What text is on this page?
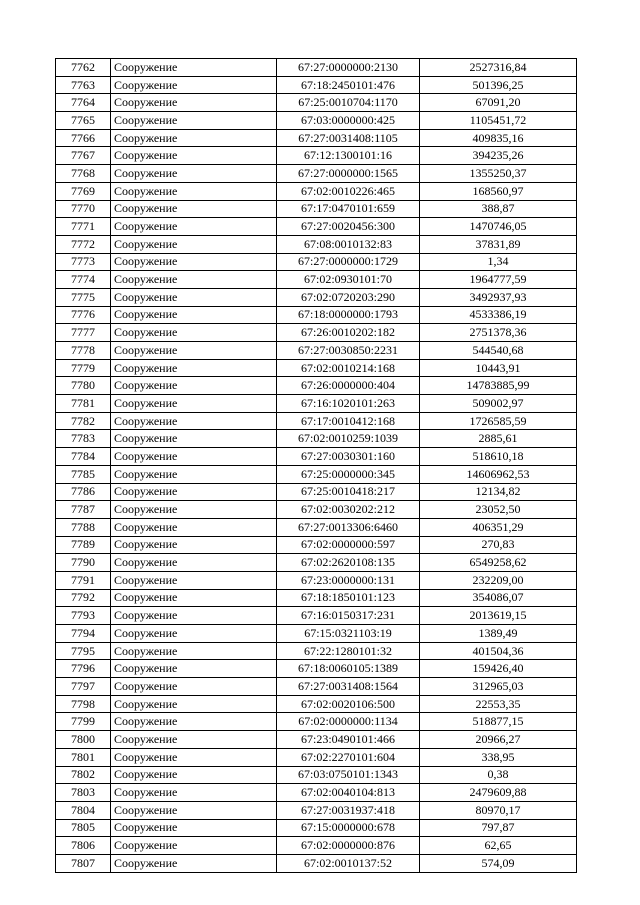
7762	Сооружение	67:27:0000000:2130	2527316,84
7763	Сооружение	67:18:2450101:476	501396,25
7764	Сооружение	67:25:0010704:1170	67091,20
7765	Сооружение	67:03:0000000:425	1105451,72
7766	Сооружение	67:27:0031408:1105	409835,16
7767	Сооружение	67:12:1300101:16	394235,26
7768	Сооружение	67:27:0000000:1565	1355250,37
7769	Сооружение	67:02:0010226:465	168560,97
7770	Сооружение	67:17:0470101:659	388,87
7771	Сооружение	67:27:0020456:300	1470746,05
7772	Сооружение	67:08:0010132:83	37831,89
7773	Сооружение	67:27:0000000:1729	1,34
7774	Сооружение	67:02:0930101:70	1964777,59
7775	Сооружение	67:02:0720203:290	3492937,93
7776	Сооружение	67:18:0000000:1793	4533386,19
7777	Сооружение	67:26:0010202:182	2751378,36
7778	Сооружение	67:27:0030850:2231	544540,68
7779	Сооружение	67:02:0010214:168	10443,91
7780	Сооружение	67:26:0000000:404	14783885,99
7781	Сооружение	67:16:1020101:263	509002,97
7782	Сооружение	67:17:0010412:168	1726585,59
7783	Сооружение	67:02:0010259:1039	2885,61
7784	Сооружение	67:27:0030301:160	518610,18
7785	Сооружение	67:25:0000000:345	14606962,53
7786	Сооружение	67:25:0010418:217	12134,82
7787	Сооружение	67:02:0030202:212	23052,50
7788	Сооружение	67:27:0013306:6460	406351,29
7789	Сооружение	67:02:0000000:597	270,83
7790	Сооружение	67:02:2620108:135	6549258,62
7791	Сооружение	67:23:0000000:131	232209,00
7792	Сооружение	67:18:1850101:123	354086,07
7793	Сооружение	67:16:0150317:231	2013619,15
7794	Сооружение	67:15:0321103:19	1389,49
7795	Сооружение	67:22:1280101:32	401504,36
7796	Сооружение	67:18:0060105:1389	159426,40
7797	Сооружение	67:27:0031408:1564	312965,03
7798	Сооружение	67:02:0020106:500	22553,35
7799	Сооружение	67:02:0000000:1134	518877,15
7800	Сооружение	67:23:0490101:466	20966,27
7801	Сооружение	67:02:2270101:604	338,95
7802	Сооружение	67:03:0750101:1343	0,38
7803	Сооружение	67:02:0040104:813	2479609,88
7804	Сооружение	67:27:0031937:418	80970,17
7805	Сооружение	67:15:0000000:678	797,87
7806	Сооружение	67:02:0000000:876	62,65
7807	Сооружение	67:02:0010137:52	574,09
